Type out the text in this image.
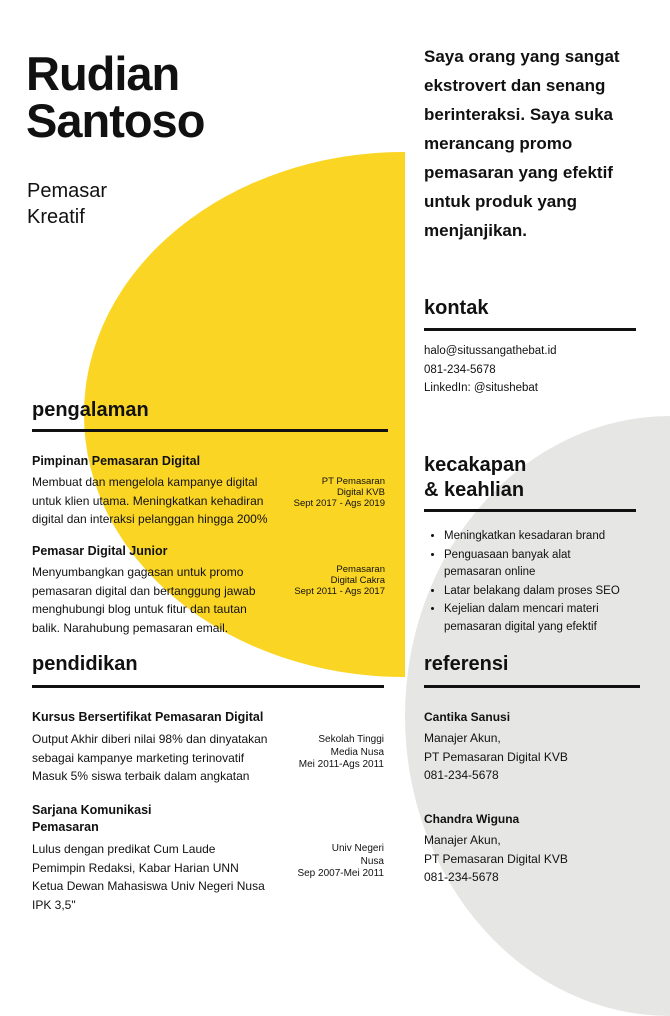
Rudian
Santoso
Pemasar
Kreatif
Saya orang yang sangat
ekstrovert dan senang
berinteraksi. Saya suka
merancang promo
pemasaran yang efektif
untuk produk yang
menjanjikan.
pengalaman
Pimpinan Pemasaran Digital
Membuat dan mengelola kampanye digital
untuk klien utama. Meningkatkan kehadiran
digital dan interaksi pelanggan hingga 200%
PT Pemasaran
Digital KVB
Sept 2017 - Ags 2019
Pemasar Digital Junior
Menyumbangkan gagasan untuk promo
pemasaran digital dan bertanggung jawab
menghubungi blog untuk fitur dan tautan
balik. Narahubung pemasaran email.
Pemasaran
Digital Cakra
Sept 2011 - Ags 2017
pendidikan
Kursus Bersertifikat Pemasaran Digital
Output Akhir diberi nilai 98% dan dinyatakan
sebagai kampanye marketing terinovatif
Masuk 5% siswa terbaik dalam angkatan
Sekolah Tinggi
Media Nusa
Mei 2011-Ags 2011
Sarjana Komunikasi
Pemasaran
Lulus dengan predikat Cum Laude
Pemimpin Redaksi, Kabar Harian UNN
Ketua Dewan Mahasiswa Univ Negeri Nusa
IPK 3,5"
Univ Negeri
Nusa
Sep 2007-Mei 2011
kontak
halo@situssangathebat.id
081-234-5678
LinkedIn: @situshebat
kecakapan
& keahlian
• Meningkatkan kesadaran brand
• Penguasaan banyak alat
pemasaran online
• Latar belakang dalam proses SEO
• Kejelian dalam mencari materi
pemasaran digital yang efektif
referensi
Cantika Sanusi
Manajer Akun,
PT Pemasaran Digital KVB
081-234-5678
Chandra Wiguna
Manajer Akun,
PT Pemasaran Digital KVB
081-234-5678
